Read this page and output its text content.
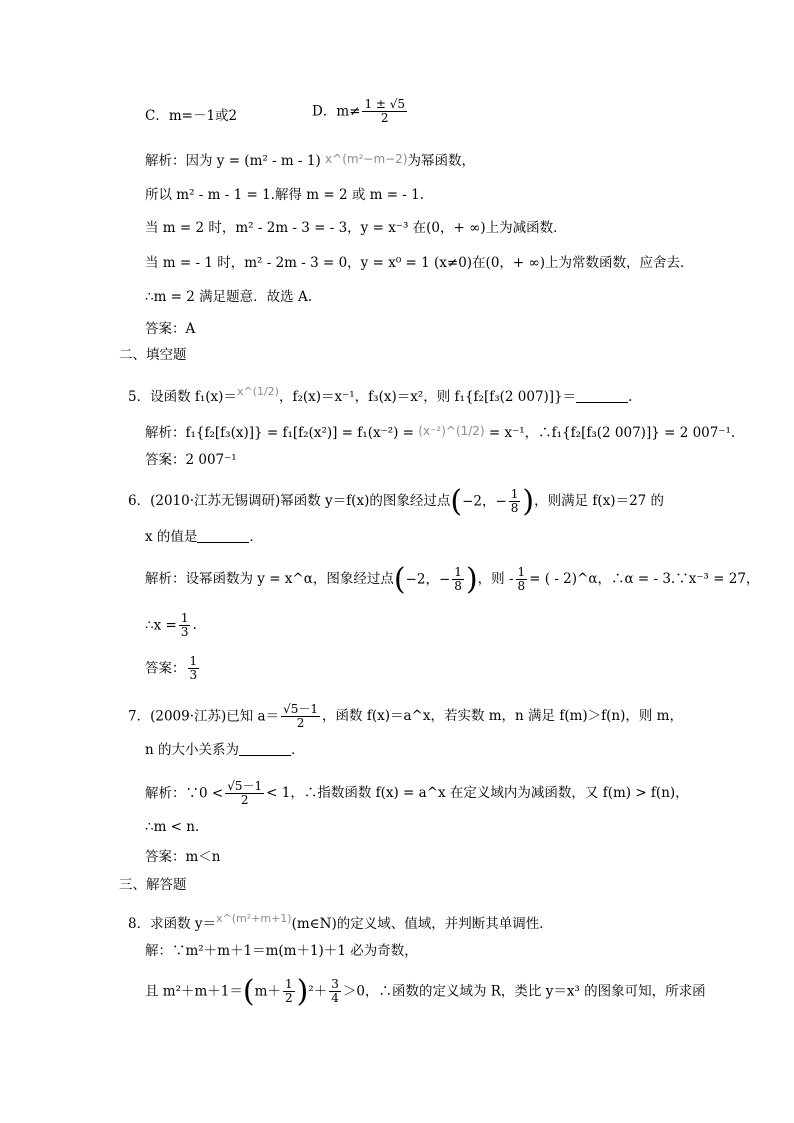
C．m=－1或2	D．$m\ne \frac{1 \pm √5}{2}$
解析：因为 y = (m² - m - 1) x^(m²−m−2)为幂函数，
所以 m² - m - 1 = 1.解得 m = 2 或 m = - 1.
当 m = 2 时，m² - 2m - 3 = - 3，y = x⁻³ 在(0，+ ∞)上为减函数．
当 m = - 1 时，m² - 2m - 3 = 0，y = x⁰ = 1 (x≠0)在(0，+ ∞)上为常数函数，应舍去．
∴m = 2 满足题意．故选 A.
答案：A
二、填空题
5．设函数 f₁(x)＝$^{x\^{}(1/2)}$，f₂(x)＝x⁻¹，f₃(x)＝x²，则 f₁{f₂[f₃(2 007)]}＝	.
解析：f₁{f₂[f₃(x)]} = f₁[f₂(x²)] = f₁(x⁻²) = (x⁻²)^(1/2) = x⁻¹，∴f₁{f₂[f₃(2 007)]} = 2 007⁻¹.
答案：2 007⁻¹
6．(2010·江苏无锡调研)幂函数 y＝f(x)的图象经过点(−2，− $\frac{1}{8}$ )，则满足 f(x)＝27 的
x 的值是	．
解析：设幂函数为 y = x^α，图象经过点(−2，− $\frac{1}{8}$ )，则 - $\frac{1}{8}$ = ( - 2)^α，∴α = - 3.∵x⁻³ = 27，
∴x = $\frac{1}{3}$ .
答案： $\frac{1}{3}$
7．(2009·江苏)已知 $a= \frac{√5-1}{2}$ ，函数 f(x)＝a^x，若实数 m，n 满足 f(m)＞f(n)，则 m，
n 的大小关系为	．
解析：∵0 < $\frac{√5-1}{2} < 1$，∴指数函数 f(x) = a^x 在定义域内为减函数，又 f(m) > f(n)，
∴m < n.
答案：m＜n
三、解答题
8．求函数 y＝$^{x\^{}(m^2+m+1)}$(m∈N)的定义域、值域，并判断其单调性．
解：∵m²＋m＋1＝m(m＋1)＋1 必为奇数，
且 $m^2+m+1=(m+ \frac{1}{2} )^2+ \frac{3}{4} >0$，∴函数的定义域为 R，类比 y＝x³ 的图象可知，所求函
